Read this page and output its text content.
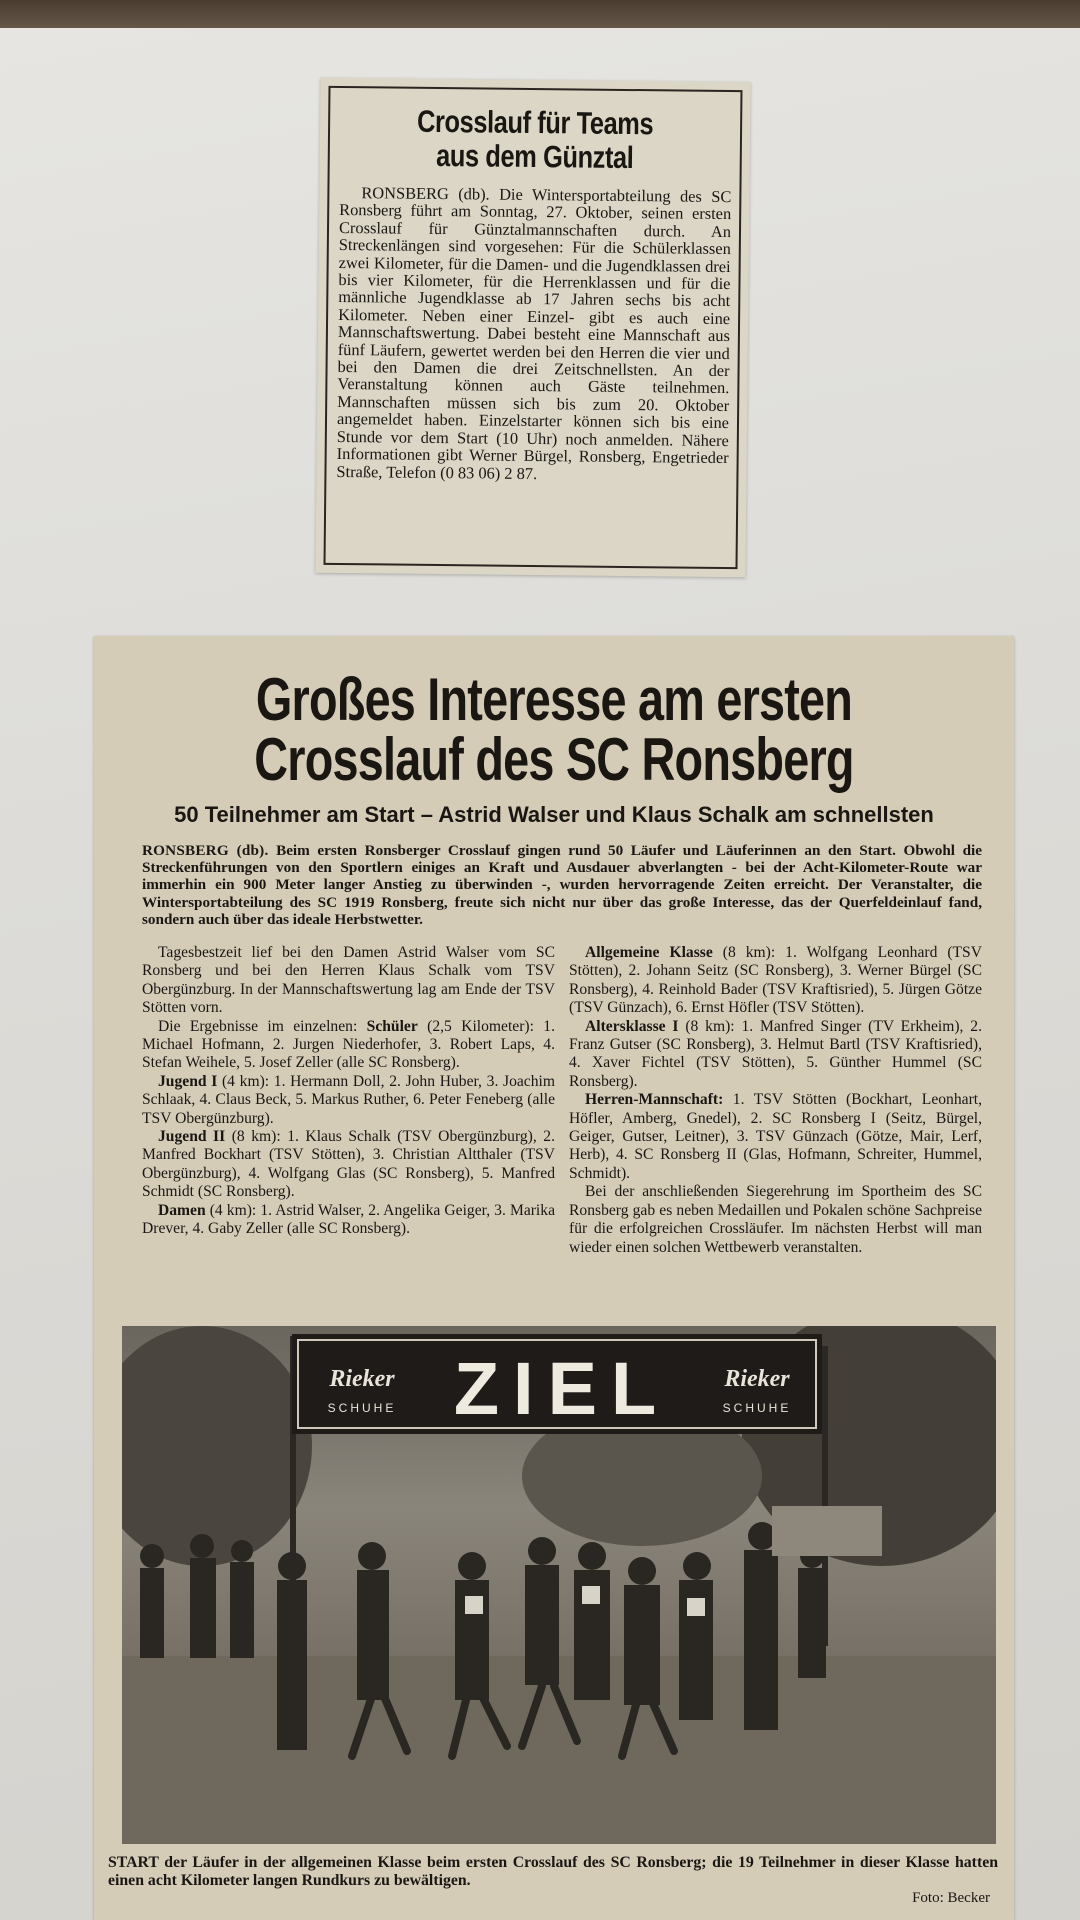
Crosslauf für Teams
aus dem Günztal

RONSBERG (db). Die Wintersportabteilung des SC Ronsberg führt am Sonntag, 27. Oktober, seinen ersten Crosslauf für Günztalmannschaften durch. An Streckenlängen sind vorgesehen: Für die Schülerklassen zwei Kilometer, für die Damen- und die Jugendklassen drei bis vier Kilometer, für die Herrenklassen und für die männliche Jugendklasse ab 17 Jahren sechs bis acht Kilometer. Neben einer Einzel- gibt es auch eine Mannschaftswertung. Dabei besteht eine Mannschaft aus fünf Läufern, gewertet werden bei den Herren die vier und bei den Damen die drei Zeitschnellsten. An der Veranstaltung können auch Gäste teilnehmen. Mannschaften müssen sich bis zum 20. Oktober angemeldet haben. Einzelstarter können sich bis eine Stunde vor dem Start (10 Uhr) noch anmelden. Nähere Informationen gibt Werner Bürgel, Ronsberg, Engetrieder Straße, Telefon (0 83 06) 2 87.

Großes Interesse am ersten
Crosslauf des SC Ronsberg
50 Teilnehmer am Start – Astrid Walser und Klaus Schalk am schnellsten
RONSBERG (db). Beim ersten Ronsberger Crosslauf gingen rund 50 Läufer und Läuferinnen an den Start. Obwohl die Streckenführungen von den Sportlern einiges an Kraft und Ausdauer abverlangten - bei der Acht-Kilometer-Route war immerhin ein 900 Meter langer Anstieg zu überwinden -, wurden hervorragende Zeiten erreicht. Der Veranstalter, die Wintersportabteilung des SC 1919 Ronsberg, freute sich nicht nur über das große Interesse, das der Querfeldeinlauf fand, sondern auch über das ideale Herbstwetter.

Tagesbestzeit lief bei den Damen Astrid Walser vom SC Ronsberg und bei den Herren Klaus Schalk vom TSV Obergünzburg. In der Mannschaftswertung lag am Ende der TSV Stötten vorn.

Die Ergebnisse im einzelnen: Schüler (2,5 Kilometer): 1. Michael Hofmann, 2. Jurgen Niederhofer, 3. Robert Laps, 4. Stefan Weihele, 5. Josef Zeller (alle SC Ronsberg).

Jugend I (4 km): 1. Hermann Doll, 2. John Huber, 3. Joachim Schlaak, 4. Claus Beck, 5. Markus Ruther, 6. Peter Feneberg (alle TSV Obergünzburg).

Jugend II (8 km): 1. Klaus Schalk (TSV Obergünzburg), 2. Manfred Bockhart (TSV Stötten), 3. Christian Altthaler (TSV Obergünzburg), 4. Wolfgang Glas (SC Ronsberg), 5. Manfred Schmidt (SC Ronsberg).

Damen (4 km): 1. Astrid Walser, 2. Angelika Geiger, 3. Marika Drever, 4. Gaby Zeller (alle SC Ronsberg).

Allgemeine Klasse (8 km): 1. Wolfgang Leonhard (TSV Stötten), 2. Johann Seitz (SC Ronsberg), 3. Werner Bürgel (SC Ronsberg), 4. Reinhold Bader (TSV Kraftisried), 5. Jürgen Götze (TSV Günzach), 6. Ernst Höfler (TSV Stötten).

Altersklasse I (8 km): 1. Manfred Singer (TV Erkheim), 2. Franz Gutser (SC Ronsberg), 3. Helmut Bartl (TSV Kraftisried), 4. Xaver Fichtel (TSV Stötten), 5. Günther Hummel (SC Ronsberg).

Herren-Mannschaft: 1. TSV Stötten (Bockhart, Leonhart, Höfler, Amberg, Gnedel), 2. SC Ronsberg I (Seitz, Bürgel, Geiger, Gutser, Leitner), 3. TSV Günzach (Götze, Mair, Lerf, Herb), 4. SC Ronsberg II (Glas, Hofmann, Schreiter, Hummel, Schmidt).

Bei der anschließenden Siegerehrung im Sportheim des SC Ronsberg gab es neben Medaillen und Pokalen schöne Sachpreise für die erfolgreichen Crossläufer. Im nächsten Herbst will man wieder einen solchen Wettbewerb veranstalten.

Rieker
SCHUHE ZIEL Rieker
SCHUHE
START der Läufer in der allgemeinen Klasse beim ersten Crosslauf des SC Ronsberg; die 19 Teilnehmer in dieser Klasse hatten einen acht Kilometer langen Rundkurs zu bewältigen.
Foto: Becker
